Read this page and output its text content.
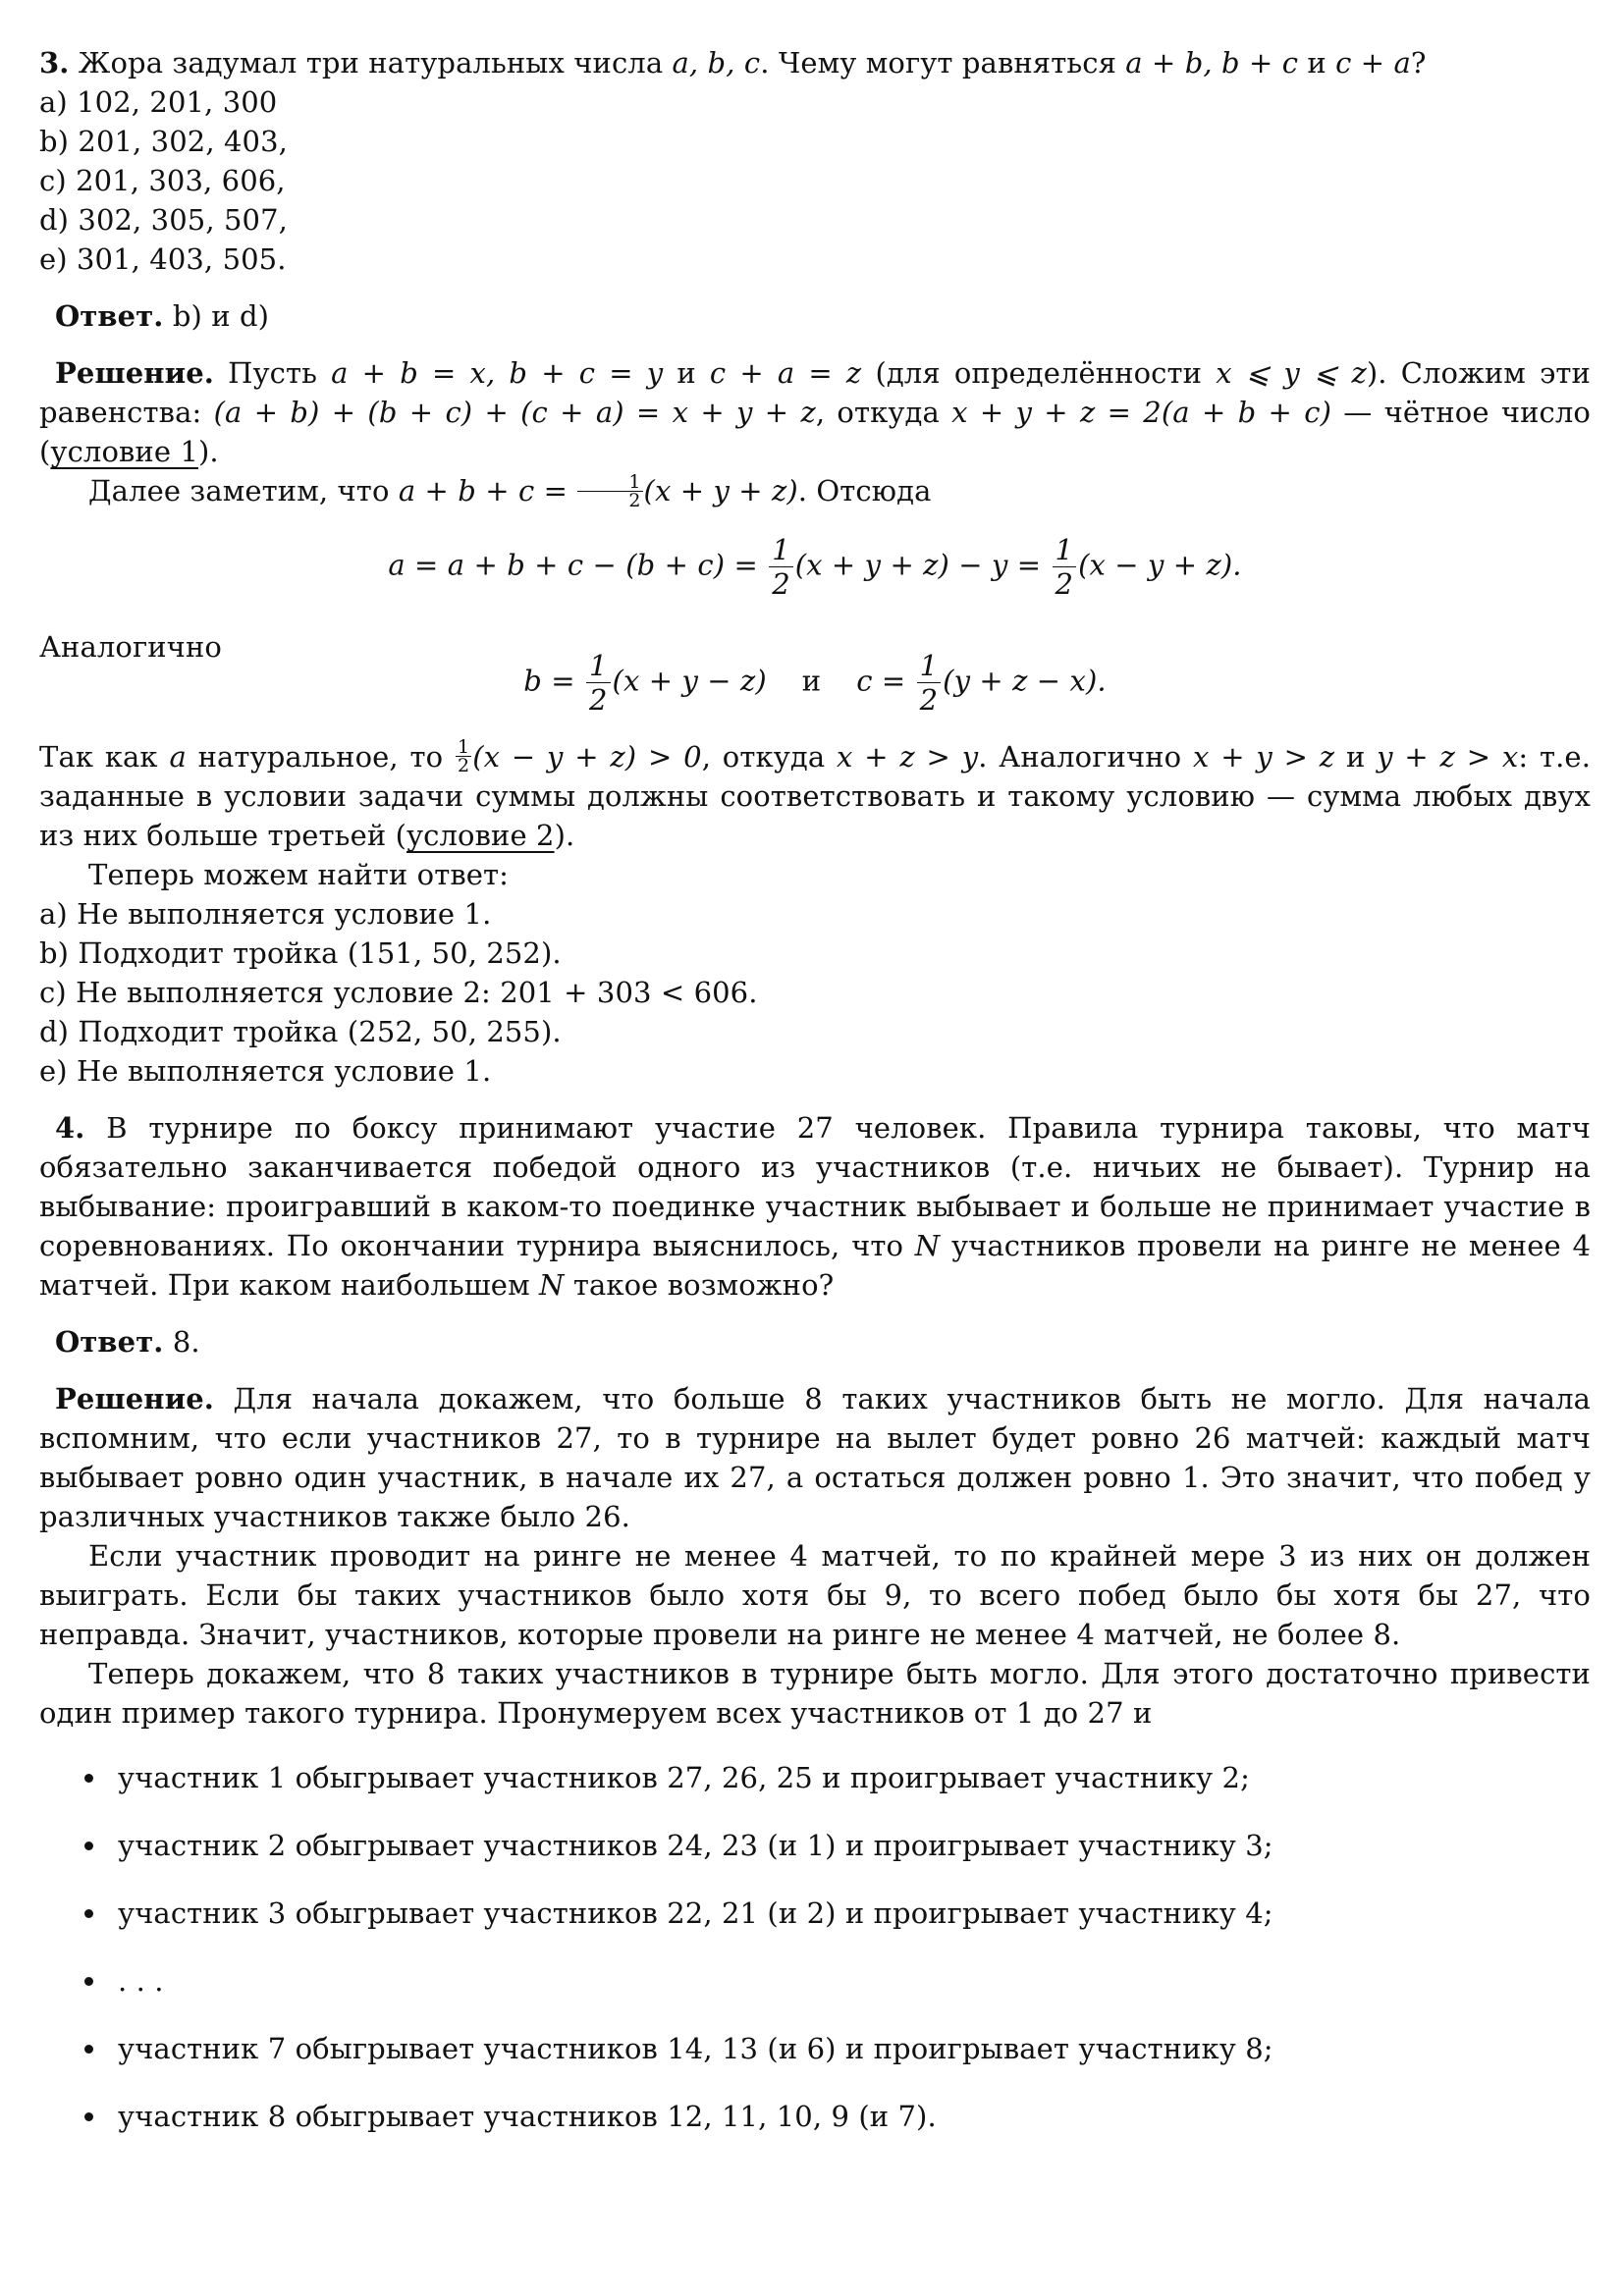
3. Жора задумал три натуральных числа a, b, c. Чему могут равняться a + b, b + c и c + a?
a) 102, 201, 300
b) 201, 302, 403,
c) 201, 303, 606,
d) 302, 305, 507,
e) 301, 403, 505.
Ответ. b) и d)
Решение. Пусть a + b = x, b + c = y и c + a = z (для определённости x ⩽ y ⩽ z). Сложим эти равенства: (a + b) + (b + c) + (c + a) = x + y + z, откуда x + y + z = 2(a + b + c) — чётное число (условие 1).
Далее заметим, что $a + b + c = \frac{1}{2} (x + y + z)$. Отсюда
$a = a + b + c - (b + c) = \frac{1}{2} (x + y + z) - y = \frac{1}{2} (x - y + z)$.
Аналогично
$b = \frac{1}{2} (x + y - z)$ и $c = \frac{1}{2} (y + z - x)$.
Так как a натуральное, то $\frac{1}{2} (x - y + z) > 0$, откуда x + z > y. Аналогично x + y > z и y + z > x: т.е. заданные в условии задачи суммы должны соответствовать и такому условию — сумма любых двух из них больше третьей (условие 2).
Теперь можем найти ответ:
a) Не выполняется условие 1.
b) Подходит тройка (151, 50, 252).
c) Не выполняется условие 2: 201 + 303 < 606.
d) Подходит тройка (252, 50, 255).
e) Не выполняется условие 1.
4. В турнире по боксу принимают участие 27 человек. Правила турнира таковы, что матч обязательно заканчивается победой одного из участников (т.е. ничьих не бывает). Турнир на выбывание: проигравший в каком-то поединке участник выбывает и больше не принимает участие в соревнованиях. По окончании турнира выяснилось, что N участников провели на ринге не менее 4 матчей. При каком наибольшем N такое возможно?
Ответ. 8.
Решение. Для начала докажем, что больше 8 таких участников быть не могло. Для начала вспомним, что если участников 27, то в турнире на вылет будет ровно 26 матчей: каждый матч выбывает ровно один участник, в начале их 27, а остаться должен ровно 1. Это значит, что побед у различных участников также было 26.
Если участник проводит на ринге не менее 4 матчей, то по крайней мере 3 из них он должен выиграть. Если бы таких участников было хотя бы 9, то всего побед было бы хотя бы 27, что неправда. Значит, участников, которые провели на ринге не менее 4 матчей, не более 8.
Теперь докажем, что 8 таких участников в турнире быть могло. Для этого достаточно привести один пример такого турнира. Пронумеруем всех участников от 1 до 27 и
участник 1 обыгрывает участников 27, 26, 25 и проигрывает участнику 2;
участник 2 обыгрывает участников 24, 23 (и 1) и проигрывает участнику 3;
участник 3 обыгрывает участников 22, 21 (и 2) и проигрывает участнику 4;
. . .
участник 7 обыгрывает участников 14, 13 (и 6) и проигрывает участнику 8;
участник 8 обыгрывает участников 12, 11, 10, 9 (и 7).
